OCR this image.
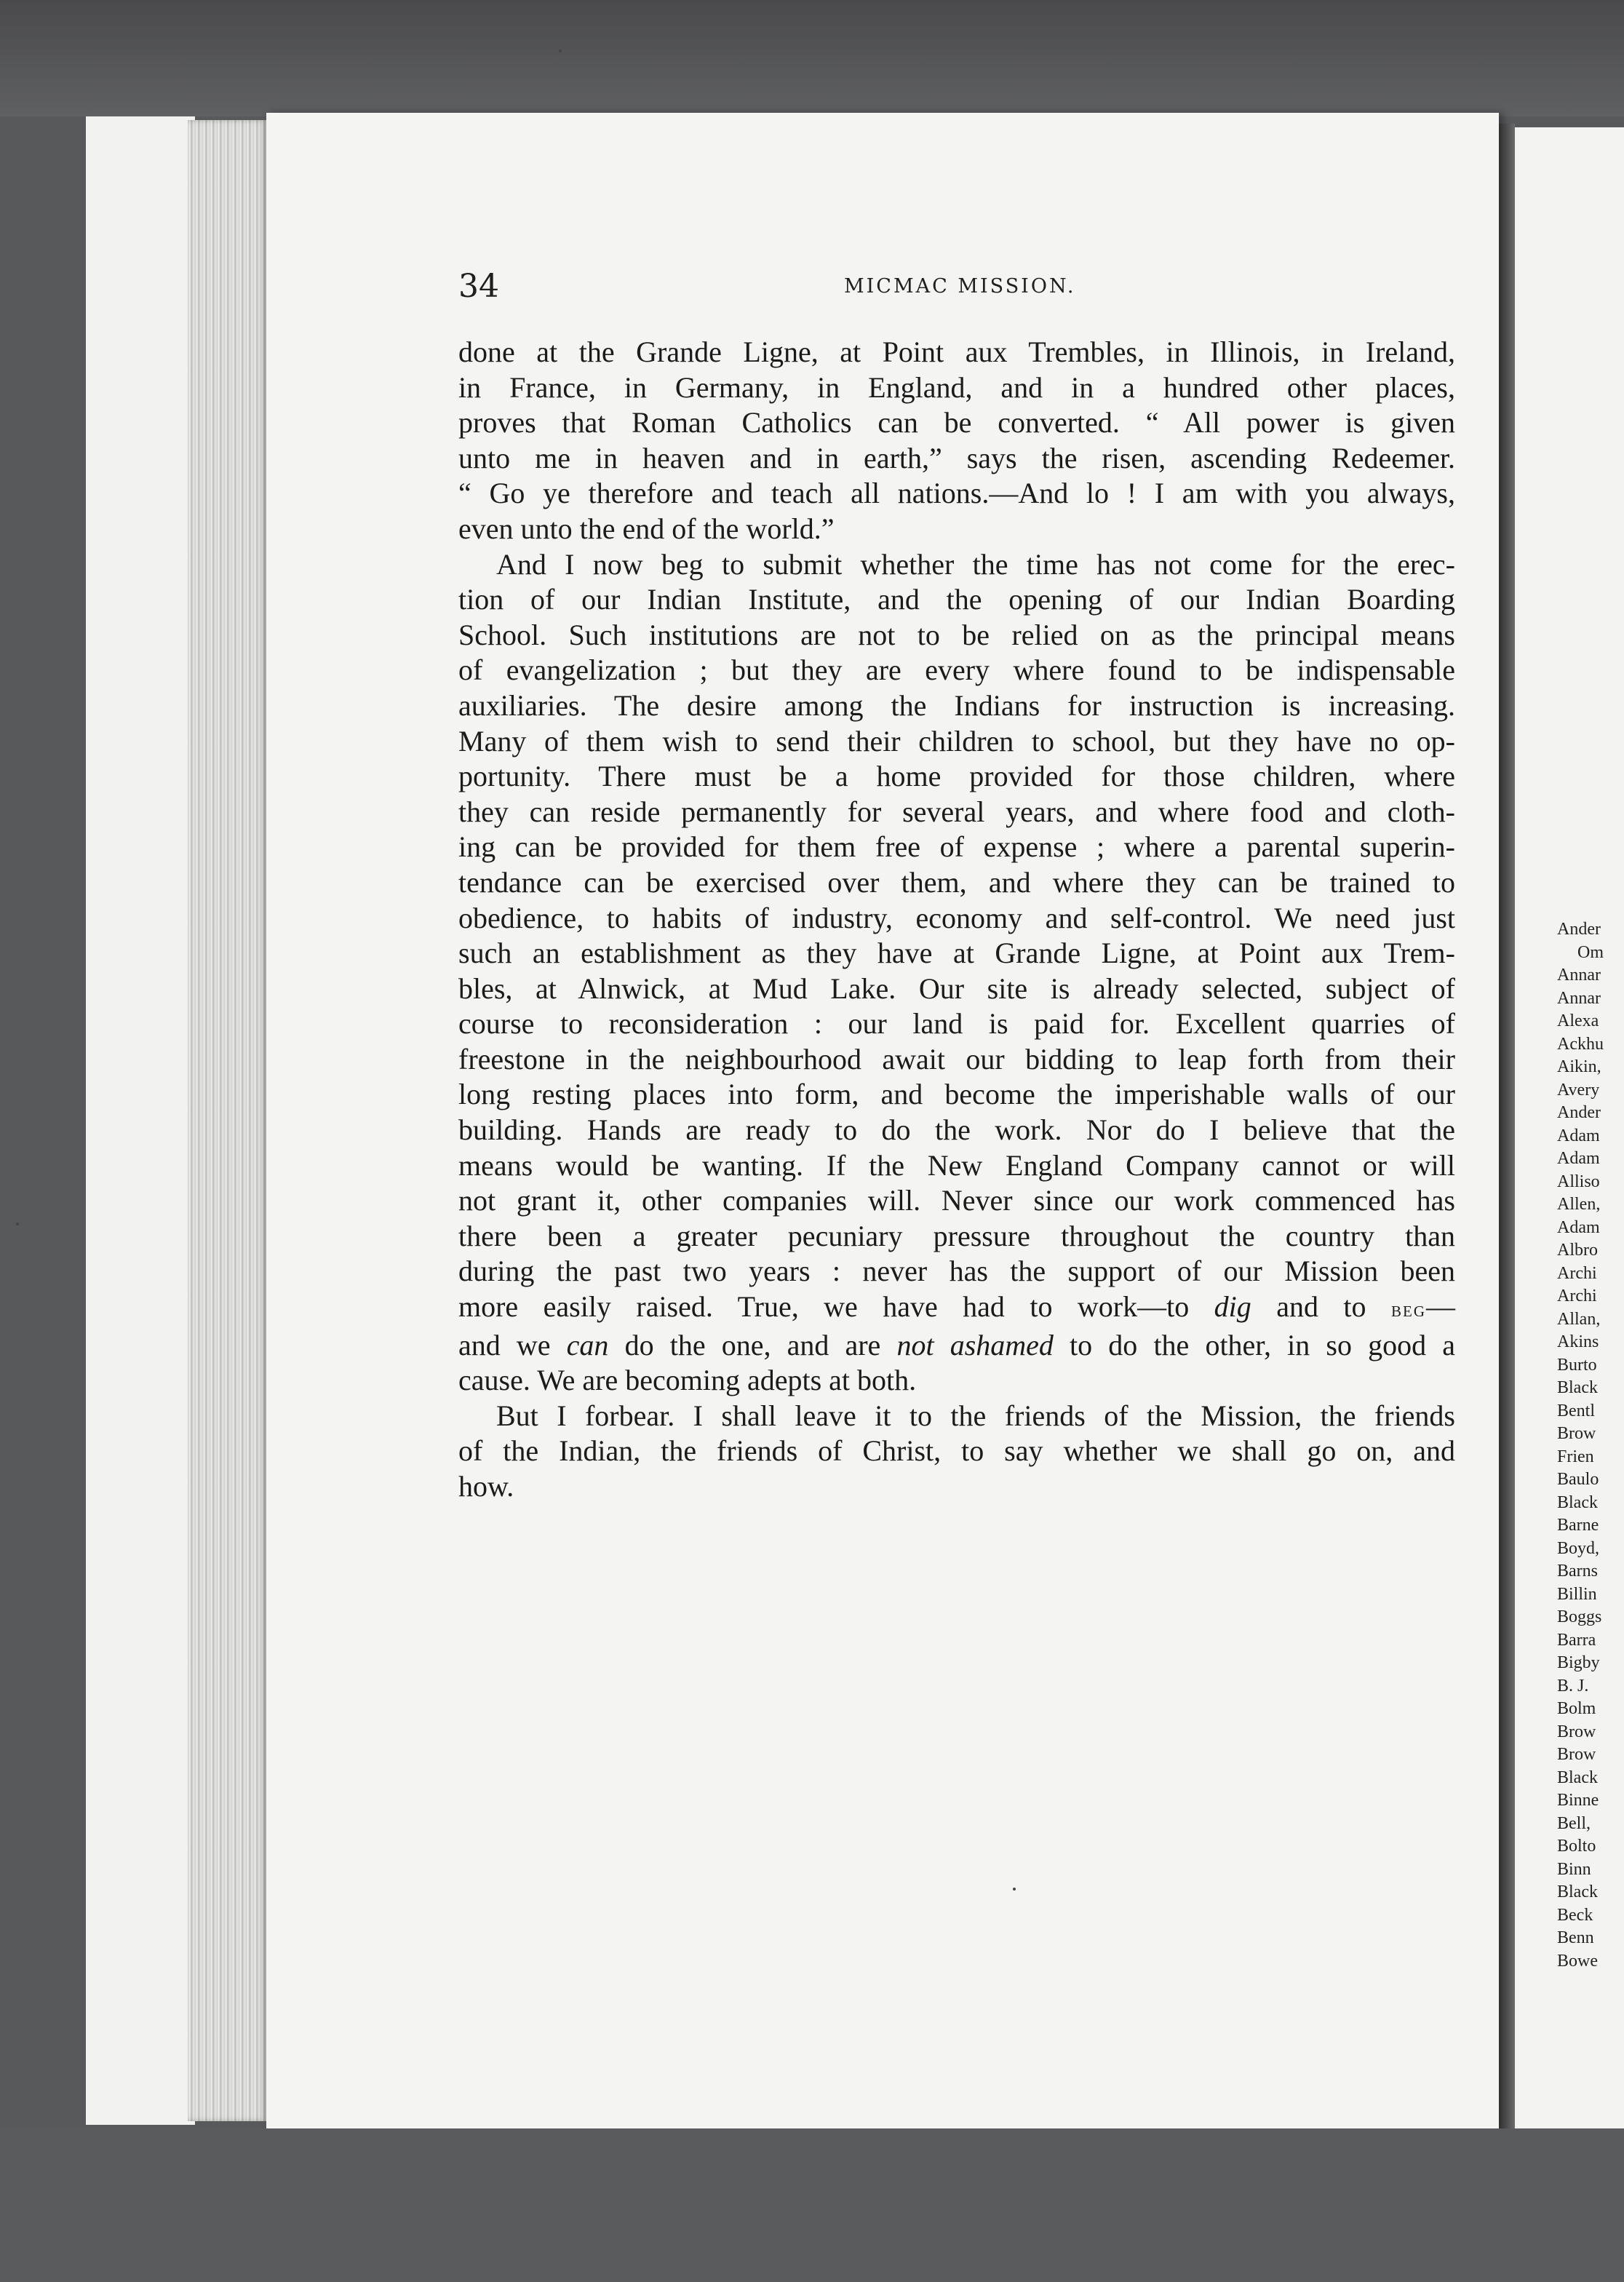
34	MICMAC MISSION.
done at the Grande Ligne, at Point aux Trembles, in Illinois, in Ireland,
in France, in Germany, in England, and in a hundred other places,
proves that Roman Catholics can be converted. “ All power is given
unto me in heaven and in earth,” says the risen, ascending Redeemer.
“ Go ye therefore and teach all nations.—And lo ! I am with you always,
even unto the end of the world.”
And I now beg to submit whether the time has not come for the erec-
tion of our Indian Institute, and the opening of our Indian Boarding
School. Such institutions are not to be relied on as the principal means
of evangelization ; but they are every where found to be indispensable
auxiliaries. The desire among the Indians for instruction is increasing.
Many of them wish to send their children to school, but they have no op-
portunity. There must be a home provided for those children, where
they can reside permanently for several years, and where food and cloth-
ing can be provided for them free of expense ; where a parental superin-
tendance can be exercised over them, and where they can be trained to
obedience, to habits of industry, economy and self-control. We need just
such an establishment as they have at Grande Ligne, at Point aux Trem-
bles, at Alnwick, at Mud Lake. Our site is already selected, subject of
course to reconsideration : our land is paid for. Excellent quarries of
freestone in the neighbourhood await our bidding to leap forth from their
long resting places into form, and become the imperishable walls of our
building. Hands are ready to do the work. Nor do I believe that the
means would be wanting. If the New England Company cannot or will
not grant it, other companies will. Never since our work commenced has
there been a greater pecuniary pressure throughout the country than
during the past two years : never has the support of our Mission been
more easily raised. True, we have had to work—to dig and to beg—
and we can do the one, and are not ashamed to do the other, in so good a
cause. We are becoming adepts at both.
But I forbear. I shall leave it to the friends of the Mission, the friends
of the Indian, the friends of Christ, to say whether we shall go on, and
how.
Ander
Om
Annar
Annar
Alexa
Ackhu
Aikin,
Avery
Ander
Adam
Adam
Alliso
Allen,
Adam
Albro
Archi
Archi
Allan,
Akins
Burto
Black
Bentl
Brow
Frien
Baulo
Black
Barne
Boyd,
Barns
Billin
Boggs
Barra
Bigby
B. J.
Bolm
Brow
Brow
Black
Binne
Bell,
Bolto
Binn
Black
Beck
Benn
Bowe
